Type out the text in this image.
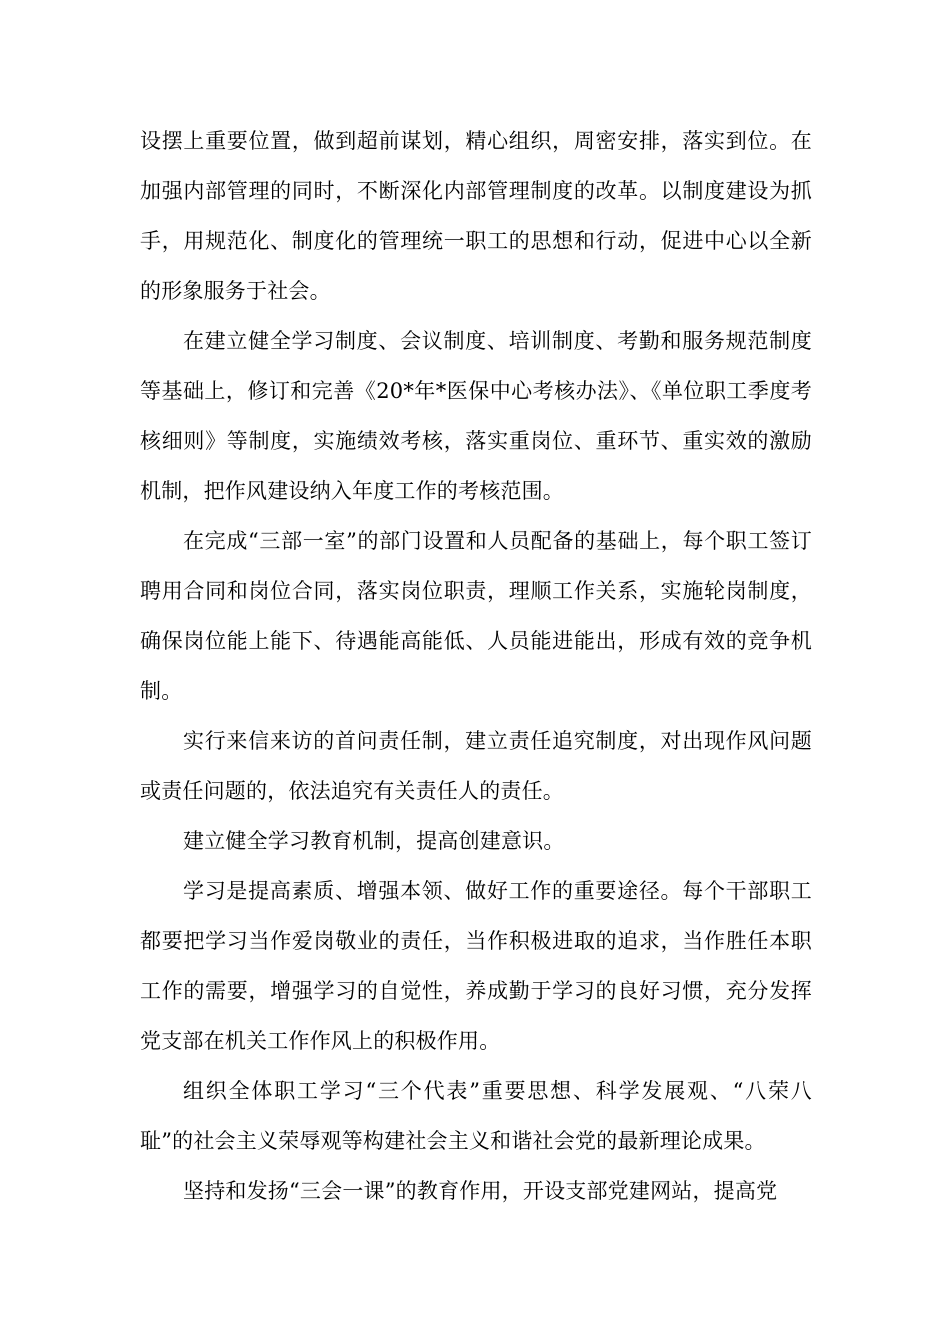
设摆上重要位置，做到超前谋划，精心组织，周密安排，落实到位。在加强内部管理的同时，不断深化内部管理制度的改革。以制度建设为抓手，用规范化、制度化的管理统一职工的思想和行动，促进中心以全新的形象服务于社会。

在建立健全学习制度、会议制度、培训制度、考勤和服务规范制度等基础上，修订和完善《20*年*医保中心考核办法》、《单位职工季度考核细则》等制度，实施绩效考核，落实重岗位、重环节、重实效的激励机制，把作风建设纳入年度工作的考核范围。

在完成“三部一室”的部门设置和人员配备的基础上，每个职工签订聘用合同和岗位合同，落实岗位职责，理顺工作关系，实施轮岗制度，确保岗位能上能下、待遇能高能低、人员能进能出，形成有效的竞争机制。

实行来信来访的首问责任制，建立责任追究制度，对出现作风问题或责任问题的，依法追究有关责任人的责任。

建立健全学习教育机制，提高创建意识。

学习是提高素质、增强本领、做好工作的重要途径。每个干部职工都要把学习当作爱岗敬业的责任，当作积极进取的追求，当作胜任本职工作的需要，增强学习的自觉性，养成勤于学习的良好习惯，充分发挥党支部在机关工作作风上的积极作用。

组织全体职工学习“三个代表”重要思想、科学发展观、“八荣八耻”的社会主义荣辱观等构建社会主义和谐社会党的最新理论成果。

坚持和发扬“三会一课”的教育作用，开设支部党建网站，提高党
